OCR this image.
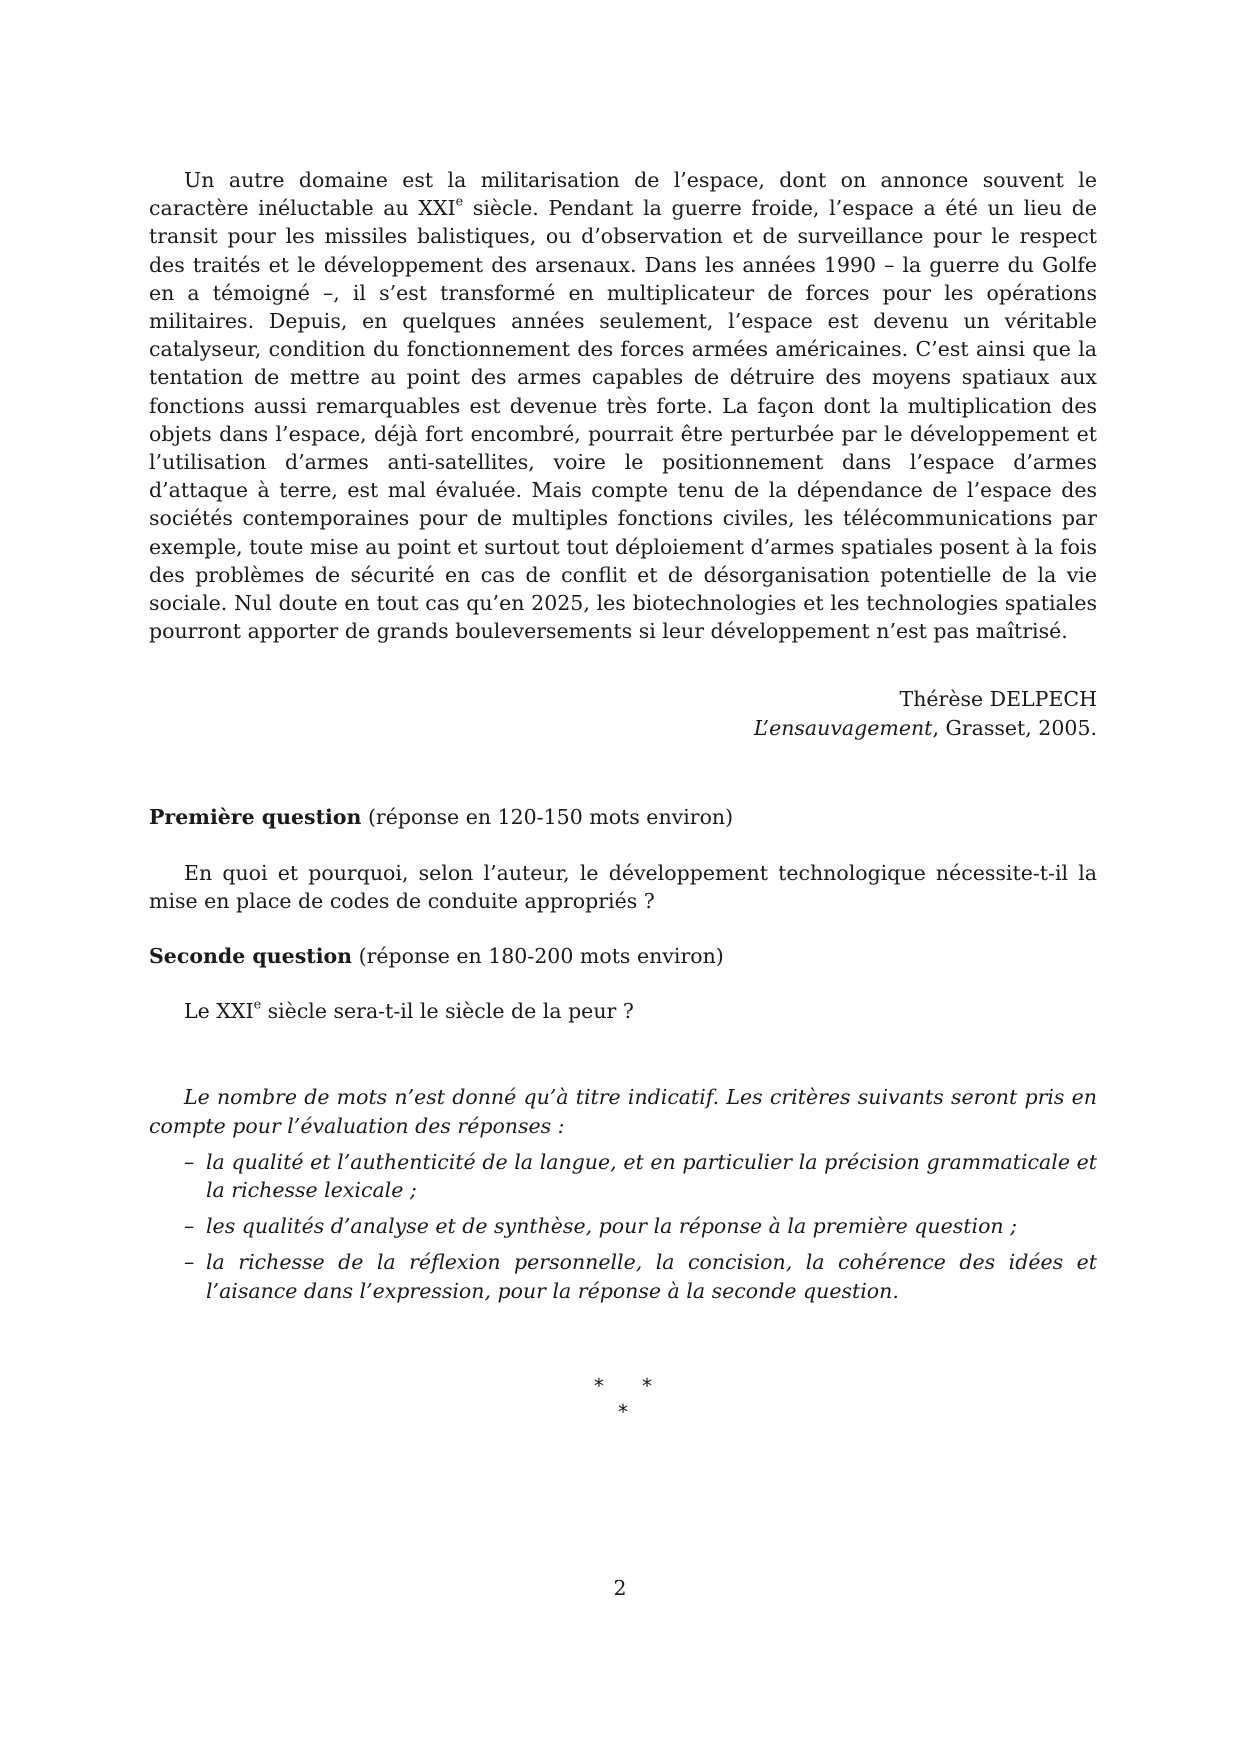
Un autre domaine est la militarisation de l’espace, dont on annonce souvent le caractère inéluctable au XXIe siècle. Pendant la guerre froide, l’espace a été un lieu de transit pour les missiles balistiques, ou d’observation et de surveillance pour le respect des traités et le développement des arsenaux. Dans les années 1990 – la guerre du Golfe en a témoigné –, il s’est transformé en multiplicateur de forces pour les opérations militaires. Depuis, en quelques années seulement, l’espace est devenu un véritable catalyseur, condition du fonctionnement des forces armées américaines. C’est ainsi que la tentation de mettre au point des armes capables de détruire des moyens spatiaux aux fonctions aussi remarquables est devenue très forte. La façon dont la multiplication des objets dans l’espace, déjà fort encombré, pourrait être perturbée par le développement et l’utilisation d’armes anti-satellites, voire le positionnement dans l’espace d’armes d’attaque à terre, est mal évaluée. Mais compte tenu de la dépendance de l’espace des sociétés contemporaines pour de multiples fonctions civiles, les télécommunications par exemple, toute mise au point et surtout tout déploiement d’armes spatiales posent à la fois des problèmes de sécurité en cas de conflit et de désorganisation potentielle de la vie sociale. Nul doute en tout cas qu’en 2025, les biotechnologies et les technologies spatiales pourront apporter de grands bouleversements si leur développement n’est pas maîtrisé.

Thérèse DELPECH
L’ensauvagement, Grasset, 2005.

Première question (réponse en 120-150 mots environ)

En quoi et pourquoi, selon l’auteur, le développement technologique nécessite-t-il la mise en place de codes de conduite appropriés ?

Seconde question (réponse en 180-200 mots environ)

Le XXIe siècle sera-t-il le siècle de la peur ?

Le nombre de mots n’est donné qu’à titre indicatif. Les critères suivants seront pris en compte pour l’évaluation des réponses :

– la qualité et l’authenticité de la langue, et en particulier la précision grammaticale et la richesse lexicale ;
– les qualités d’analyse et de synthèse, pour la réponse à la première question ;
– la richesse de la réflexion personnelle, la concision, la cohérence des idées et l’aisance dans l’expression, pour la réponse à la seconde question.
*   *
*
2
